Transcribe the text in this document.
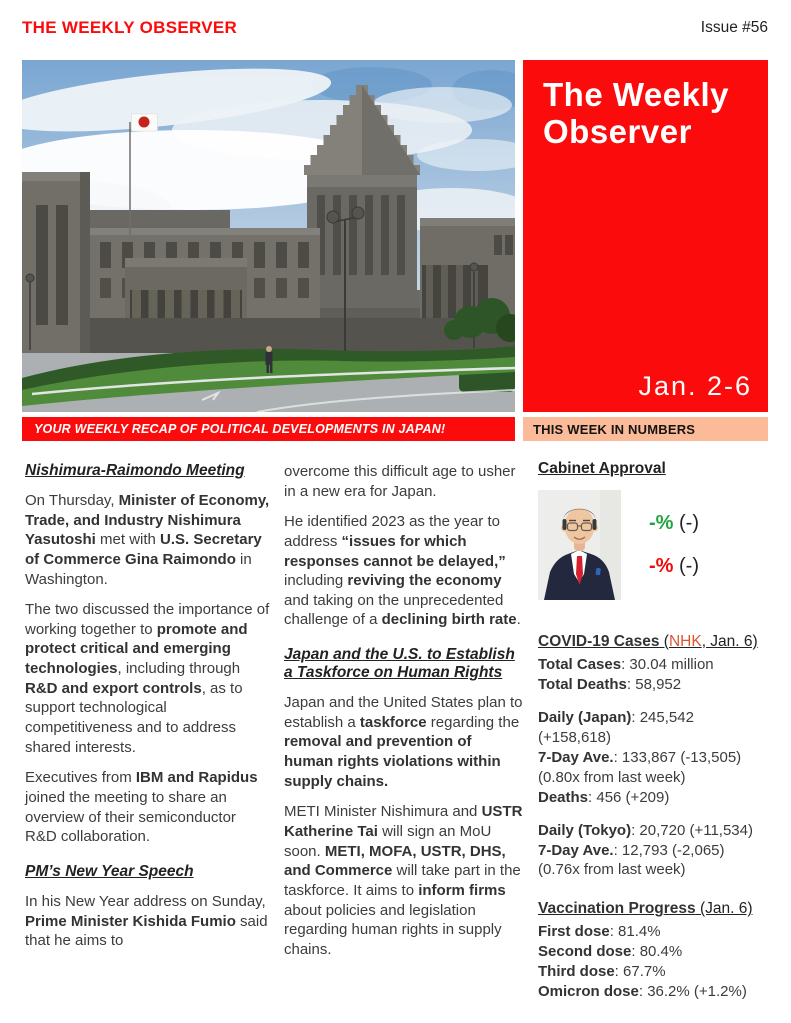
THE WEEKLY OBSERVER	Issue #56
The Weekly Observer
Jan. 2-6
YOUR WEEKLY RECAP OF POLITICAL DEVELOPMENTS IN JAPAN!	THIS WEEK IN NUMBERS
Nishimura-Raimondo Meeting

On Thursday, Minister of Economy, Trade, and Industry Nishimura Yasutoshi met with U.S. Secretary of Commerce Gina Raimondo in Washington.

The two discussed the importance of working together to promote and protect critical and emerging technologies, including through R&D and export controls, as to support technological competitiveness and to address shared interests.

Executives from IBM and Rapidus joined the meeting to share an overview of their semiconductor R&D collaboration.

PM’s New Year Speech

In his New Year address on Sunday, Prime Minister Kishida Fumio said that he aims to

overcome this difficult age to usher in a new era for Japan.

He identified 2023 as the year to address “issues for which responses cannot be delayed,” including reviving the economy and taking on the unprecedented challenge of a declining birth rate.

Japan and the U.S. to Establish a Taskforce on Human Rights

Japan and the United States plan to establish a taskforce regarding the removal and prevention of human rights violations within supply chains.

METI Minister Nishimura and USTR Katherine Tai will sign an MoU soon. METI, MOFA, USTR, DHS, and Commerce will take part in the taskforce. It aims to inform firms about policies and legislation regarding human rights in supply chains.

Cabinet Approval
-% (-)
-% (-)
COVID-19 Cases (NHK, Jan. 6)
Total Cases: 30.04 million
Total Deaths: 58,952
Daily (Japan): 245,542 (+158,618)
7-Day Ave.: 133,867 (-13,505)
(0.80x from last week)
Deaths: 456 (+209)
Daily (Tokyo): 20,720 (+11,534)
7-Day Ave.: 12,793 (-2,065)
(0.76x from last week)
Vaccination Progress (Jan. 6)
First dose: 81.4%
Second dose: 80.4%
Third dose: 67.7%
Omicron dose: 36.2% (+1.2%)
